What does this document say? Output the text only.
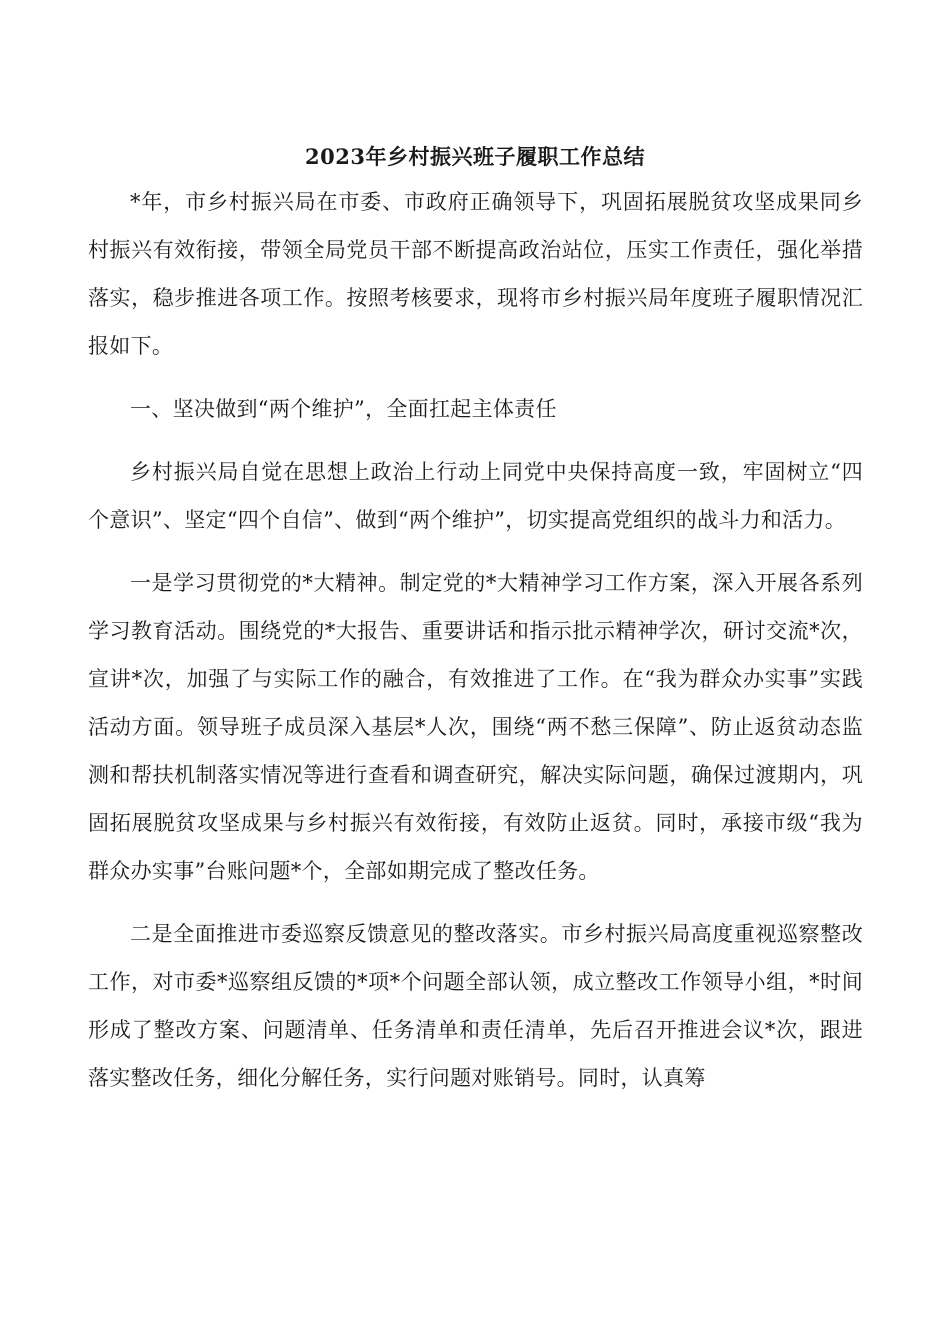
2023年乡村振兴班子履职工作总结

*年，市乡村振兴局在市委、市政府正确领导下，巩固拓展脱贫攻坚成果同乡村振兴有效衔接，带领全局党员干部不断提高政治站位，压实工作责任，强化举措落实，稳步推进各项工作。按照考核要求，现将市乡村振兴局年度班子履职情况汇报如下。

一、坚决做到“两个维护”，全面扛起主体责任

乡村振兴局自觉在思想上政治上行动上同党中央保持高度一致，牢固树立“四个意识”、坚定“四个自信”、做到“两个维护”，切实提高党组织的战斗力和活力。

一是学习贯彻党的*大精神。制定党的*大精神学习工作方案，深入开展各系列学习教育活动。围绕党的*大报告、重要讲话和指示批示精神学次，研讨交流*次，宣讲*次，加强了与实际工作的融合，有效推进了工作。在“我为群众办实事”实践活动方面。领导班子成员深入基层*人次，围绕“两不愁三保障”、防止返贫动态监测和帮扶机制落实情况等进行查看和调查研究，解决实际问题，确保过渡期内，巩固拓展脱贫攻坚成果与乡村振兴有效衔接，有效防止返贫。同时，承接市级“我为群众办实事”台账问题*个，全部如期完成了整改任务。

二是全面推进市委巡察反馈意见的整改落实。市乡村振兴局高度重视巡察整改工作，对市委*巡察组反馈的*项*个问题全部认领，成立整改工作领导小组，*时间形成了整改方案、问题清单、任务清单和责任清单，先后召开推进会议*次，跟进落实整改任务，细化分解任务，实行问题对账销号。同时，认真筹
